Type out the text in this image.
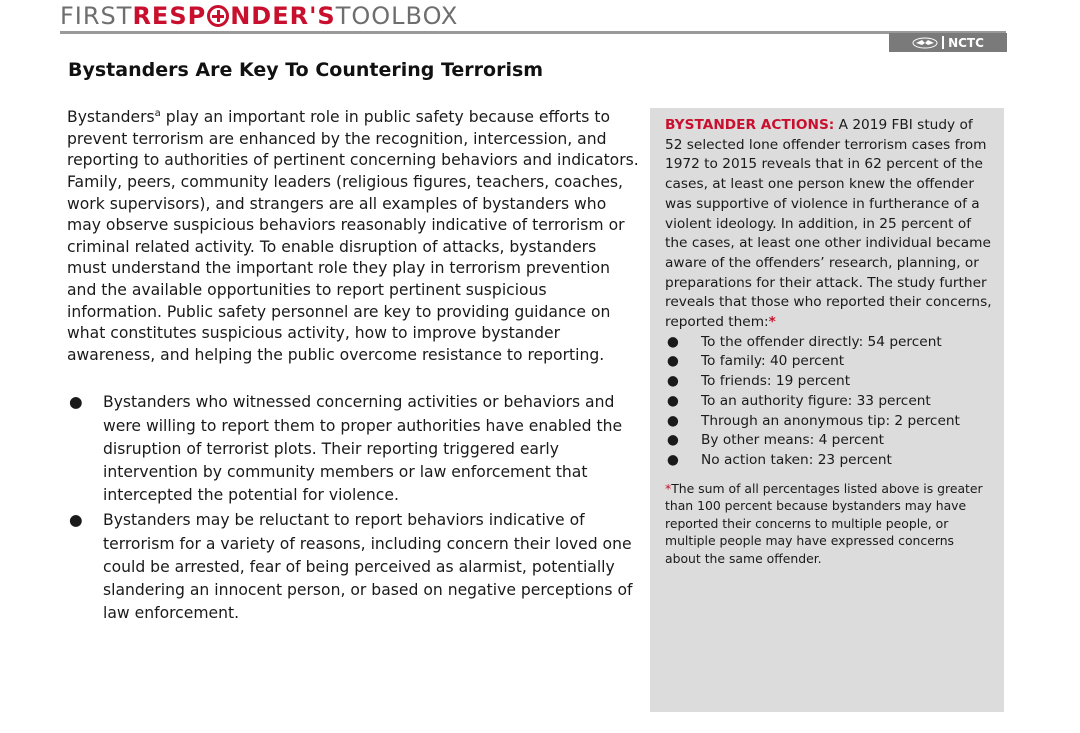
FIRSTRESP NDER'STOOLBOX
NCTC
Bystanders Are Key To Countering Terrorism

Bystanders$^a$ play an important role in public safety because efforts to prevent terrorism are enhanced by the recognition, intercession, and reporting to authorities of pertinent concerning behaviors and indicators. Family, peers, community leaders (religious figures, teachers, coaches, work supervisors), and strangers are all examples of bystanders who may observe suspicious behaviors reasonably indicative of terrorism or criminal related activity. To enable disruption of attacks, bystanders must understand the important role they play in terrorism prevention and the available opportunities to report pertinent suspicious information. Public safety personnel are key to providing guidance on what constitutes suspicious activity, how to improve bystander awareness, and helping the public overcome resistance to reporting.

● Bystanders who witnessed concerning activities or behaviors and were willing to report them to proper authorities have enabled the disruption of terrorist plots. Their reporting triggered early intervention by community members or law enforcement that intercepted the potential for violence.
● Bystanders may be reluctant to report behaviors indicative of terrorism for a variety of reasons, including concern their loved one could be arrested, fear of being perceived as alarmist, potentially slandering an innocent person, or based on negative perceptions of law enforcement.

BYSTANDER ACTIONS: A 2019 FBI study of 52 selected lone offender terrorism cases from 1972 to 2015 reveals that in 62 percent of the cases, at least one person knew the offender was supportive of violence in furtherance of a violent ideology. In addition, in 25 percent of the cases, at least one other individual became aware of the offenders’ research, planning, or preparations for their attack. The study further reveals that those who reported their concerns, reported them:*

● To the offender directly: 54 percent
● To family: 40 percent
● To friends: 19 percent
● To an authority figure: 33 percent
● Through an anonymous tip: 2 percent
● By other means: 4 percent
● No action taken: 23 percent

*The sum of all percentages listed above is greater than 100 percent because bystanders may have reported their concerns to multiple people, or multiple people may have expressed concerns about the same offender.
